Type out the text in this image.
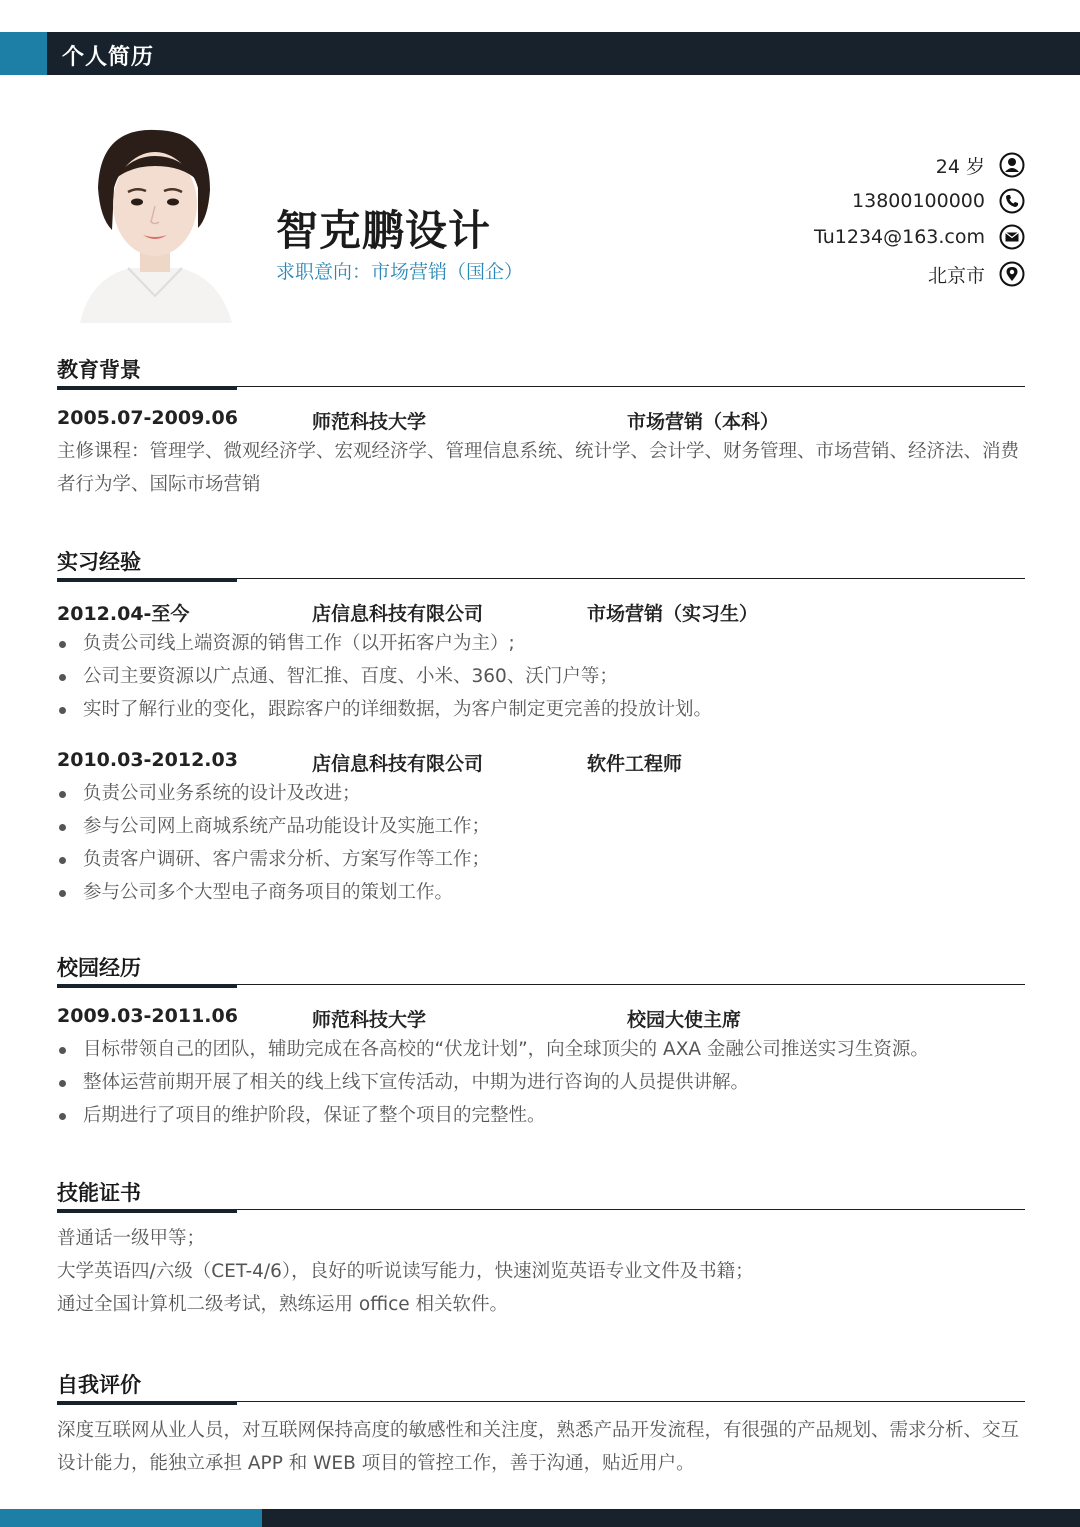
个人简历
智克鹏设计
求职意向：市场营销（国企）
24 岁
13800100000
Tu1234@163.com
北京市
教育背景
2005.07-2009.06	师范科技大学	市场营销（本科）

主修课程：管理学、微观经济学、宏观经济学、管理信息系统、统计学、会计学、财务管理、市场营销、经济法、消费者行为学、国际市场营销

实习经验
2012.04-至今	店信息科技有限公司	市场营销（实习生）
负责公司线上端资源的销售工作（以开拓客户为主）;
公司主要资源以广点通、智汇推、百度、小米、360、沃门户等；
实时了解行业的变化，跟踪客户的详细数据，为客户制定更完善的投放计划。
2010.03-2012.03	店信息科技有限公司	软件工程师
负责公司业务系统的设计及改进；
参与公司网上商城系统产品功能设计及实施工作；
负责客户调研、客户需求分析、方案写作等工作；
参与公司多个大型电子商务项目的策划工作。
校园经历
2009.03-2011.06	师范科技大学	校园大使主席
目标带领自己的团队，辅助完成在各高校的“伏龙计划”，向全球顶尖的 AXA 金融公司推送实习生资源。
整体运营前期开展了相关的线上线下宣传活动，中期为进行咨询的人员提供讲解。
后期进行了项目的维护阶段，保证了整个项目的完整性。
技能证书

普通话一级甲等；

大学英语四/六级（CET-4/6），良好的听说读写能力，快速浏览英语专业文件及书籍；

通过全国计算机二级考试，熟练运用 office 相关软件。

自我评价

深度互联网从业人员，对互联网保持高度的敏感性和关注度，熟悉产品开发流程，有很强的产品规划、需求分析、交互设计能力，能独立承担 APP 和 WEB 项目的管控工作，善于沟通，贴近用户。
